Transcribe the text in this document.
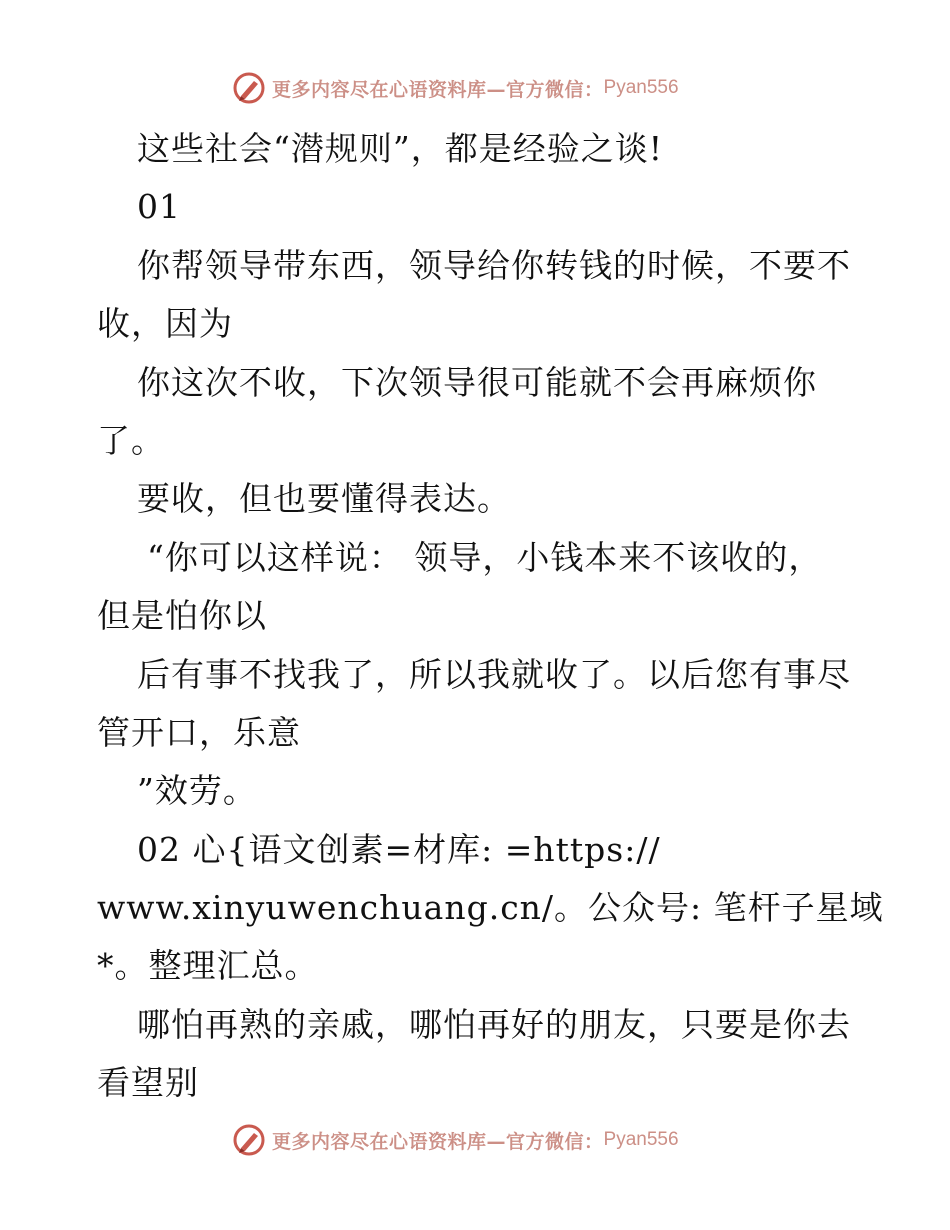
更多内容尽在心语资料库—官方微信： Pyan556
这些社会“潜规则”，都是经验之谈!
01
你帮领导带东西，领导给你转钱的时候，不要不
收，因为
你这次不收，下次领导很可能就不会再麻烦你
了。
要收，但也要懂得表达。
“你可以这样说： 领导，小钱本来不该收的，
但是怕你以
后有事不找我了，所以我就收了。以后您有事尽
管开口，乐意
”效劳。
02 心{语文创素=材库: =https://
www.xinyuwenchuang.cn/。公众号: 笔杆子星域
*。整理汇总。
哪怕再熟的亲戚，哪怕再好的朋友，只要是你去
看望别
更多内容尽在心语资料库—官方微信： Pyan556
